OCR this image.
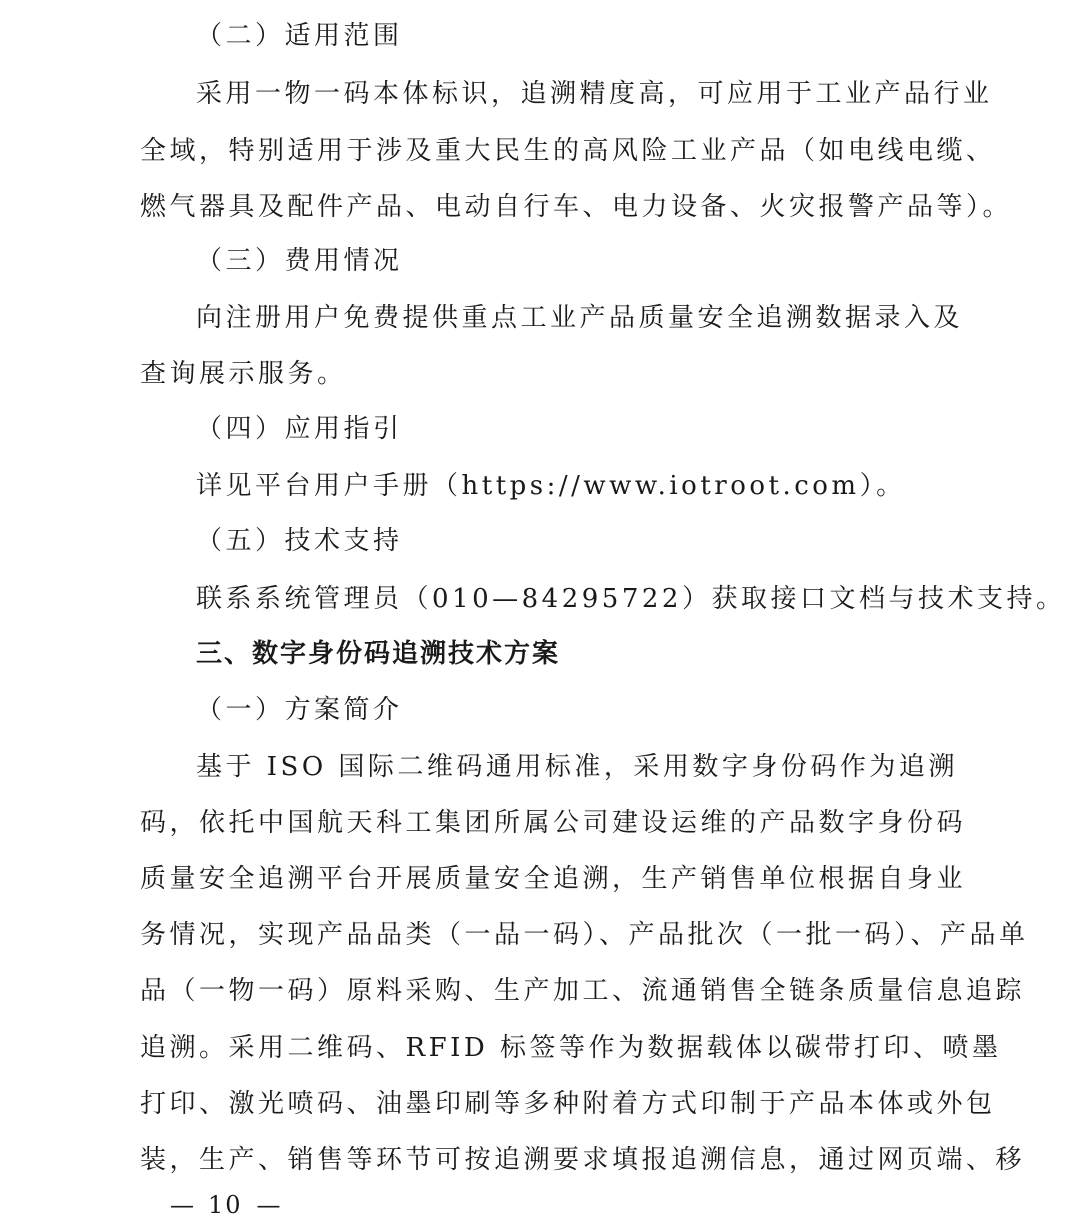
（二）适用范围
采用一物一码本体标识，追溯精度高，可应用于工业产品行业
全域，特别适用于涉及重大民生的高风险工业产品（如电线电缆、
燃气器具及配件产品、电动自行车、电力设备、火灾报警产品等）。
（三）费用情况
向注册用户免费提供重点工业产品质量安全追溯数据录入及
查询展示服务。
（四）应用指引
详见平台用户手册（https://www.iotroot.com）。
（五）技术支持
联系系统管理员（010—84295722）获取接口文档与技术支持。
三、数字身份码追溯技术方案
（一）方案简介
基于 ISO 国际二维码通用标准，采用数字身份码作为追溯
码，依托中国航天科工集团所属公司建设运维的产品数字身份码
质量安全追溯平台开展质量安全追溯，生产销售单位根据自身业
务情况，实现产品品类（一品一码）、产品批次（一批一码）、产品单
品（一物一码）原料采购、生产加工、流通销售全链条质量信息追踪
追溯。采用二维码、RFID 标签等作为数据载体以碳带打印、喷墨
打印、激光喷码、油墨印刷等多种附着方式印制于产品本体或外包
装，生产、销售等环节可按追溯要求填报追溯信息，通过网页端、移
— 10 —
